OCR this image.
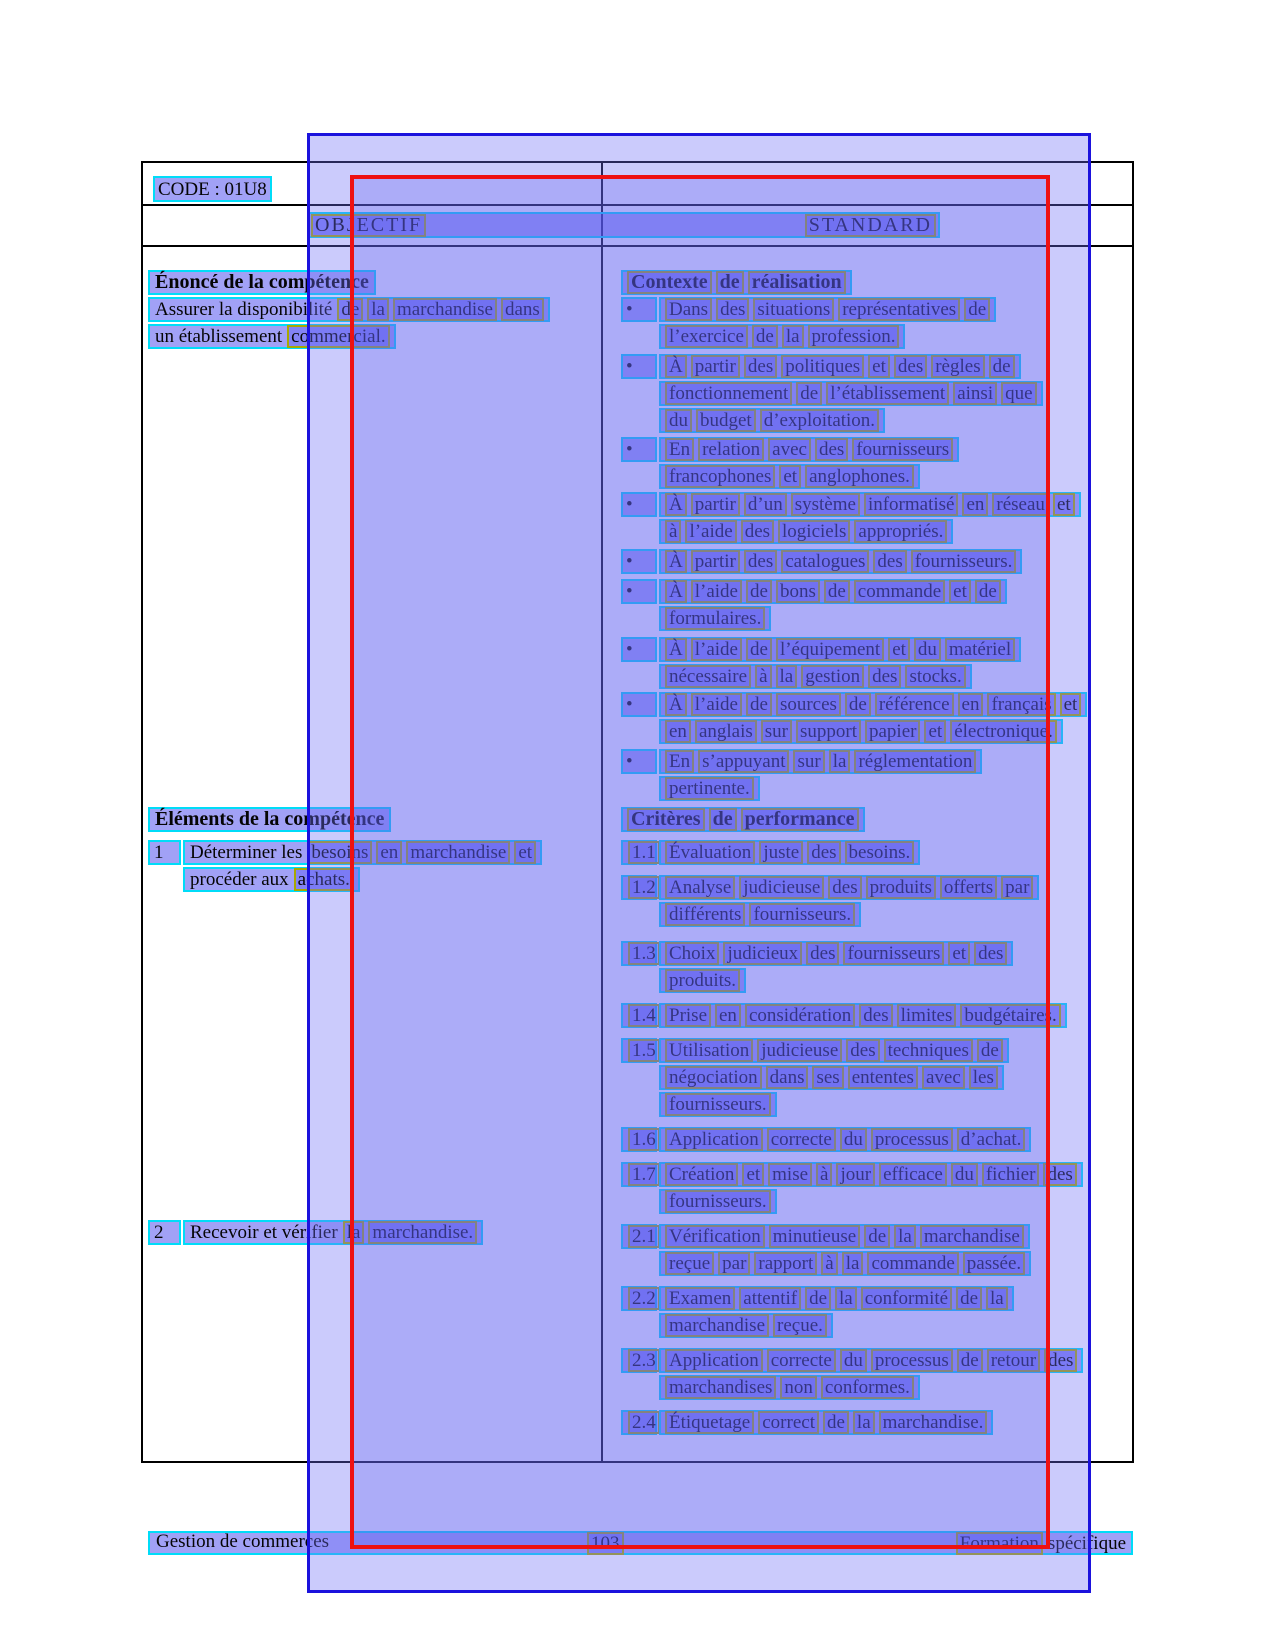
CODE : 01U8
OBJECTIF	STANDARD
Énoncé de la compétence
Assurer la disponibilité de la marchandise dans
un établissement commercial.
Éléments de la compétence
1	Déterminer les besoins en marchandise et
procéder aux achats.
2	Recevoir et vérifier la marchandise.
Contexte de réalisation
•	Dans des situations représentatives de
l’exercice de la profession.
•	À partir des politiques et des règles de
fonctionnement de l’établissement ainsi que
du budget d’exploitation.
•	En relation avec des fournisseurs
francophones et anglophones.
•	À partir d’un système informatisé en réseau et
à l’aide des logiciels appropriés.
•	À partir des catalogues des fournisseurs.
•	À l’aide de bons de commande et de
formulaires.
•	À l’aide de l’équipement et du matériel
nécessaire à la gestion des stocks.
•	À l’aide de sources de référence en français et
en anglais sur support papier et électronique.
•	En s’appuyant sur la réglementation
pertinente.
Critères de performance
1.1 Évaluation juste des besoins.
1.2 Analyse judicieuse des produits offerts par
différents fournisseurs.
1.3 Choix judicieux des fournisseurs et des
produits.
1.4 Prise en considération des limites budgétaires.
1.5 Utilisation judicieuse des techniques de
négociation dans ses ententes avec les
fournisseurs.
1.6 Application correcte du processus d’achat.
1.7 Création et mise à jour efficace du fichier des
fournisseurs.
2.1 Vérification minutieuse de la marchandise
reçue par rapport à la commande passée.
2.2 Examen attentif de la conformité de la
marchandise reçue.
2.3 Application correcte du processus de retour des
marchandises non conformes.
2.4 Étiquetage correct de la marchandise.
Gestion de commerces	103	Formation spécifique
